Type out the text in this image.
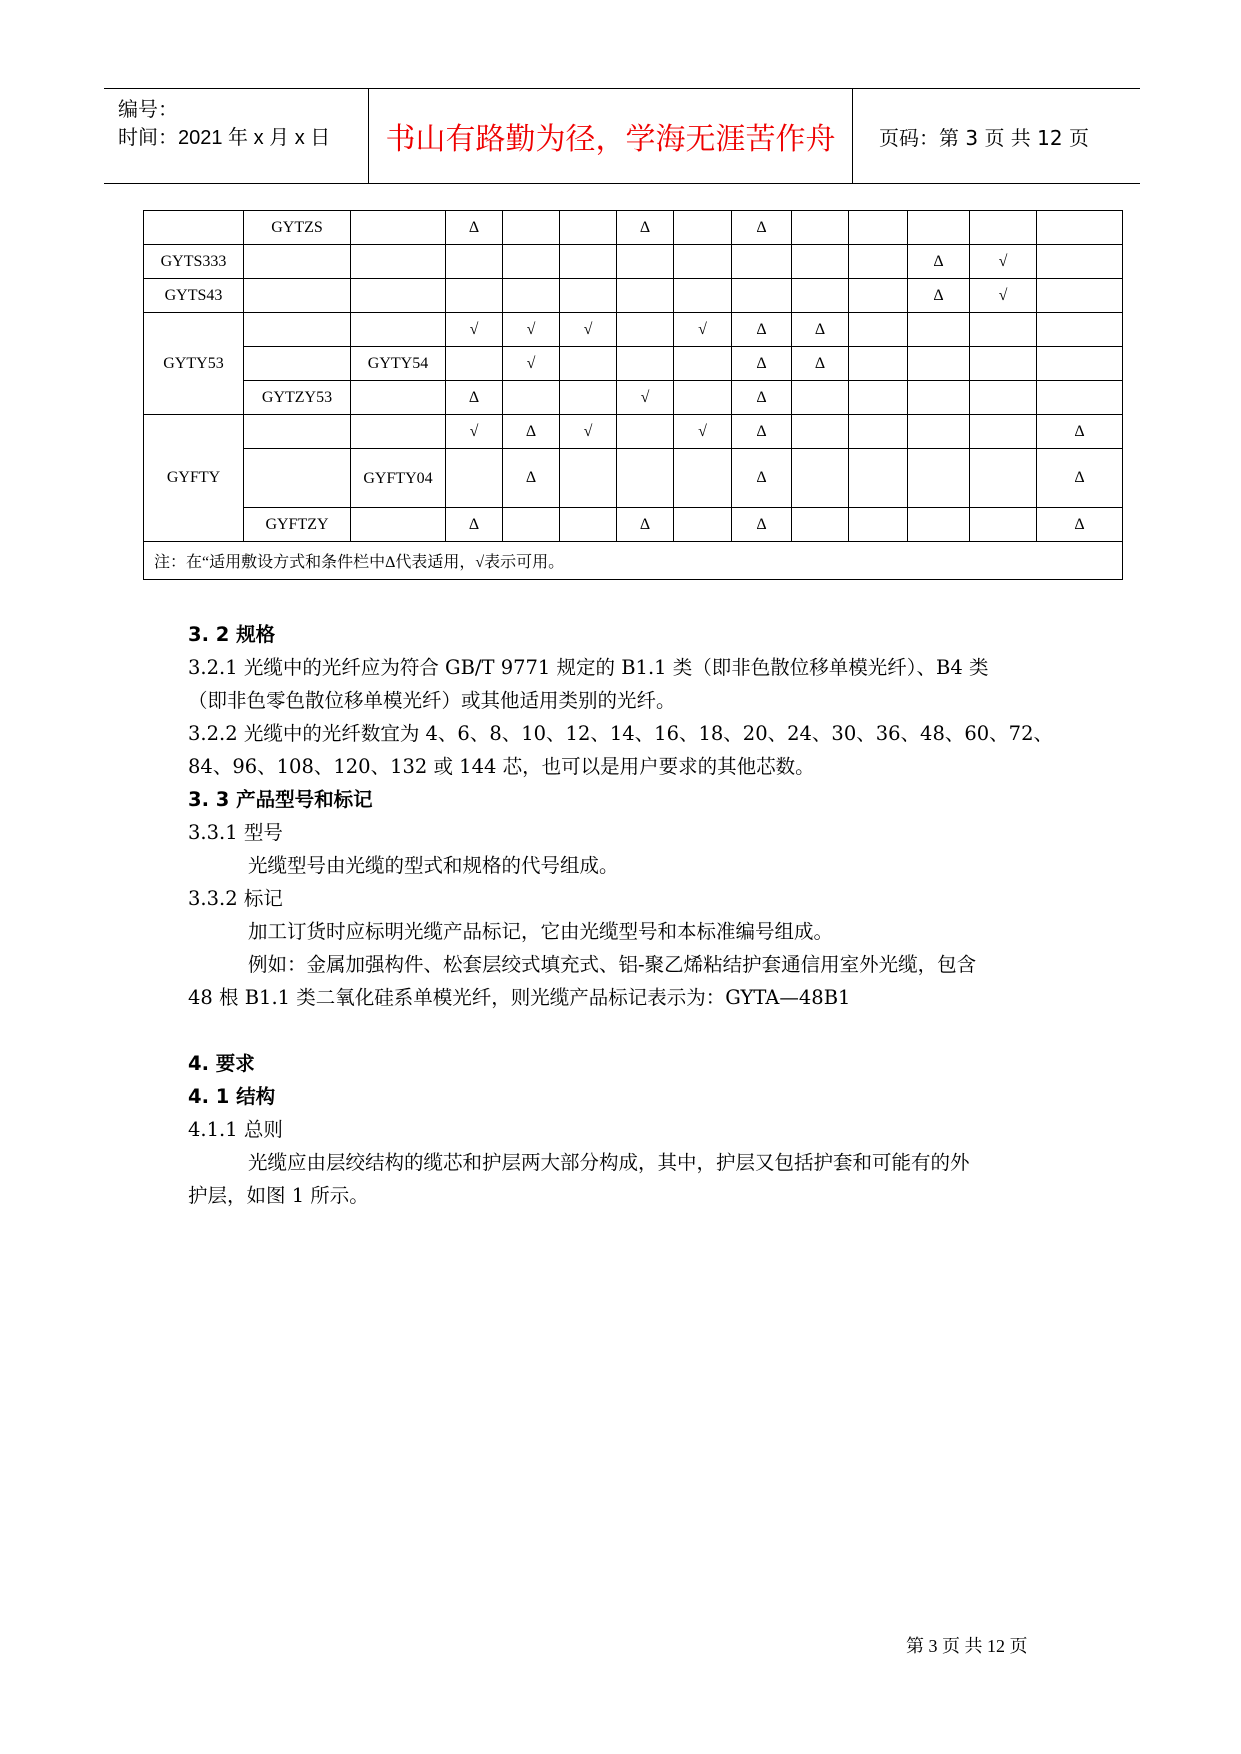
编号：
时间：2021 年 x 月 x 日	书山有路勤为径，学海无涯苦作舟	页码：第 3 页 共 12 页
	GYTZS		Δ			Δ		Δ					
GYTS333											Δ	√	
GYTS43											Δ	√	
GYTY53			√	√	√		√	Δ	Δ				
		GYTY54		√				Δ	Δ				
	GYTZY53		Δ			√		Δ					
GYFTY			√	Δ	√		√	Δ					Δ
		GYFTY04		Δ				Δ					Δ
	GYFTZY		Δ			Δ		Δ					Δ
注：在“适用敷设方式和条件栏中Δ代表适用，√表示可用。													

3. 2 规格

3.2.1 光缆中的光纤应为符合 GB/T 9771 规定的 B1.1 类（即非色散位移单模光纤）、B4 类

（即非色零色散位移单模光纤）或其他适用类别的光纤。

3.2.2 光缆中的光纤数宜为 4、6、8、10、12、14、16、18、20、24、30、36、48、60、72、

84、96、108、120、132 或 144 芯，也可以是用户要求的其他芯数。

3. 3 产品型号和标记

3.3.1 型号

光缆型号由光缆的型式和规格的代号组成。

3.3.2 标记

加工订货时应标明光缆产品标记，它由光缆型号和本标准编号组成。

例如：金属加强构件、松套层绞式填充式、铝-聚乙烯粘结护套通信用室外光缆，包含

48 根 B1.1 类二氧化硅系单模光纤，则光缆产品标记表示为：GYTA—48B1

4. 要求

4. 1 结构

4.1.1 总则

光缆应由层绞结构的缆芯和护层两大部分构成，其中，护层又包括护套和可能有的外

护层，如图 1 所示。

第 3 页 共 12 页
